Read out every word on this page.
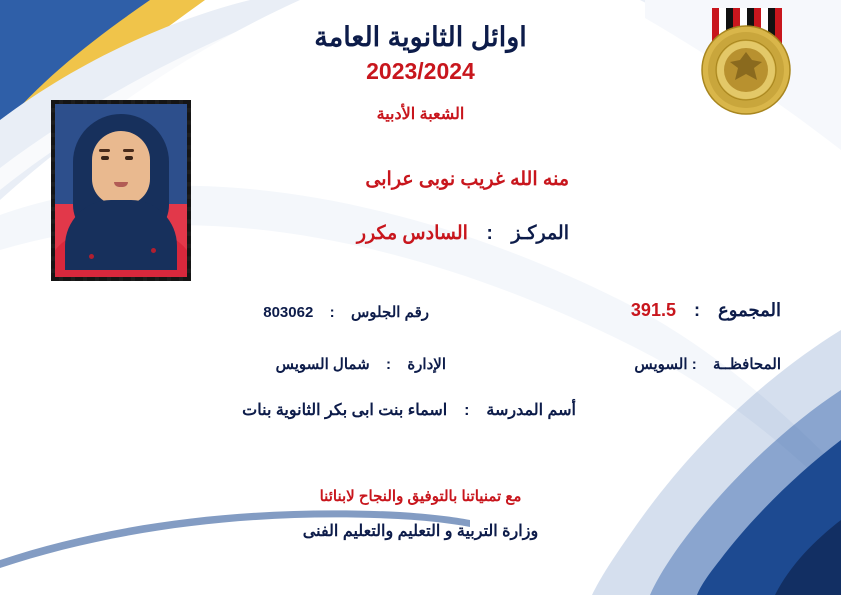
اوائل الثانوية العامة
2023/2024
الشعبة الأدبية
منه الله غريب نوبى عرابى
المركـز  :  السادس مكرر
المجموع  :  391.5
رقم الجلوس  :  803062
المحافظــة  : السويس
الإدارة  :  شمال السويس
أسم المدرسة  :  اسماء بنت ابى بكر الثانوية بنات
مع تمنياتنا بالتوفيق والنجاح لابنائنا
وزارة التربية و التعليم والتعليم الفنى
